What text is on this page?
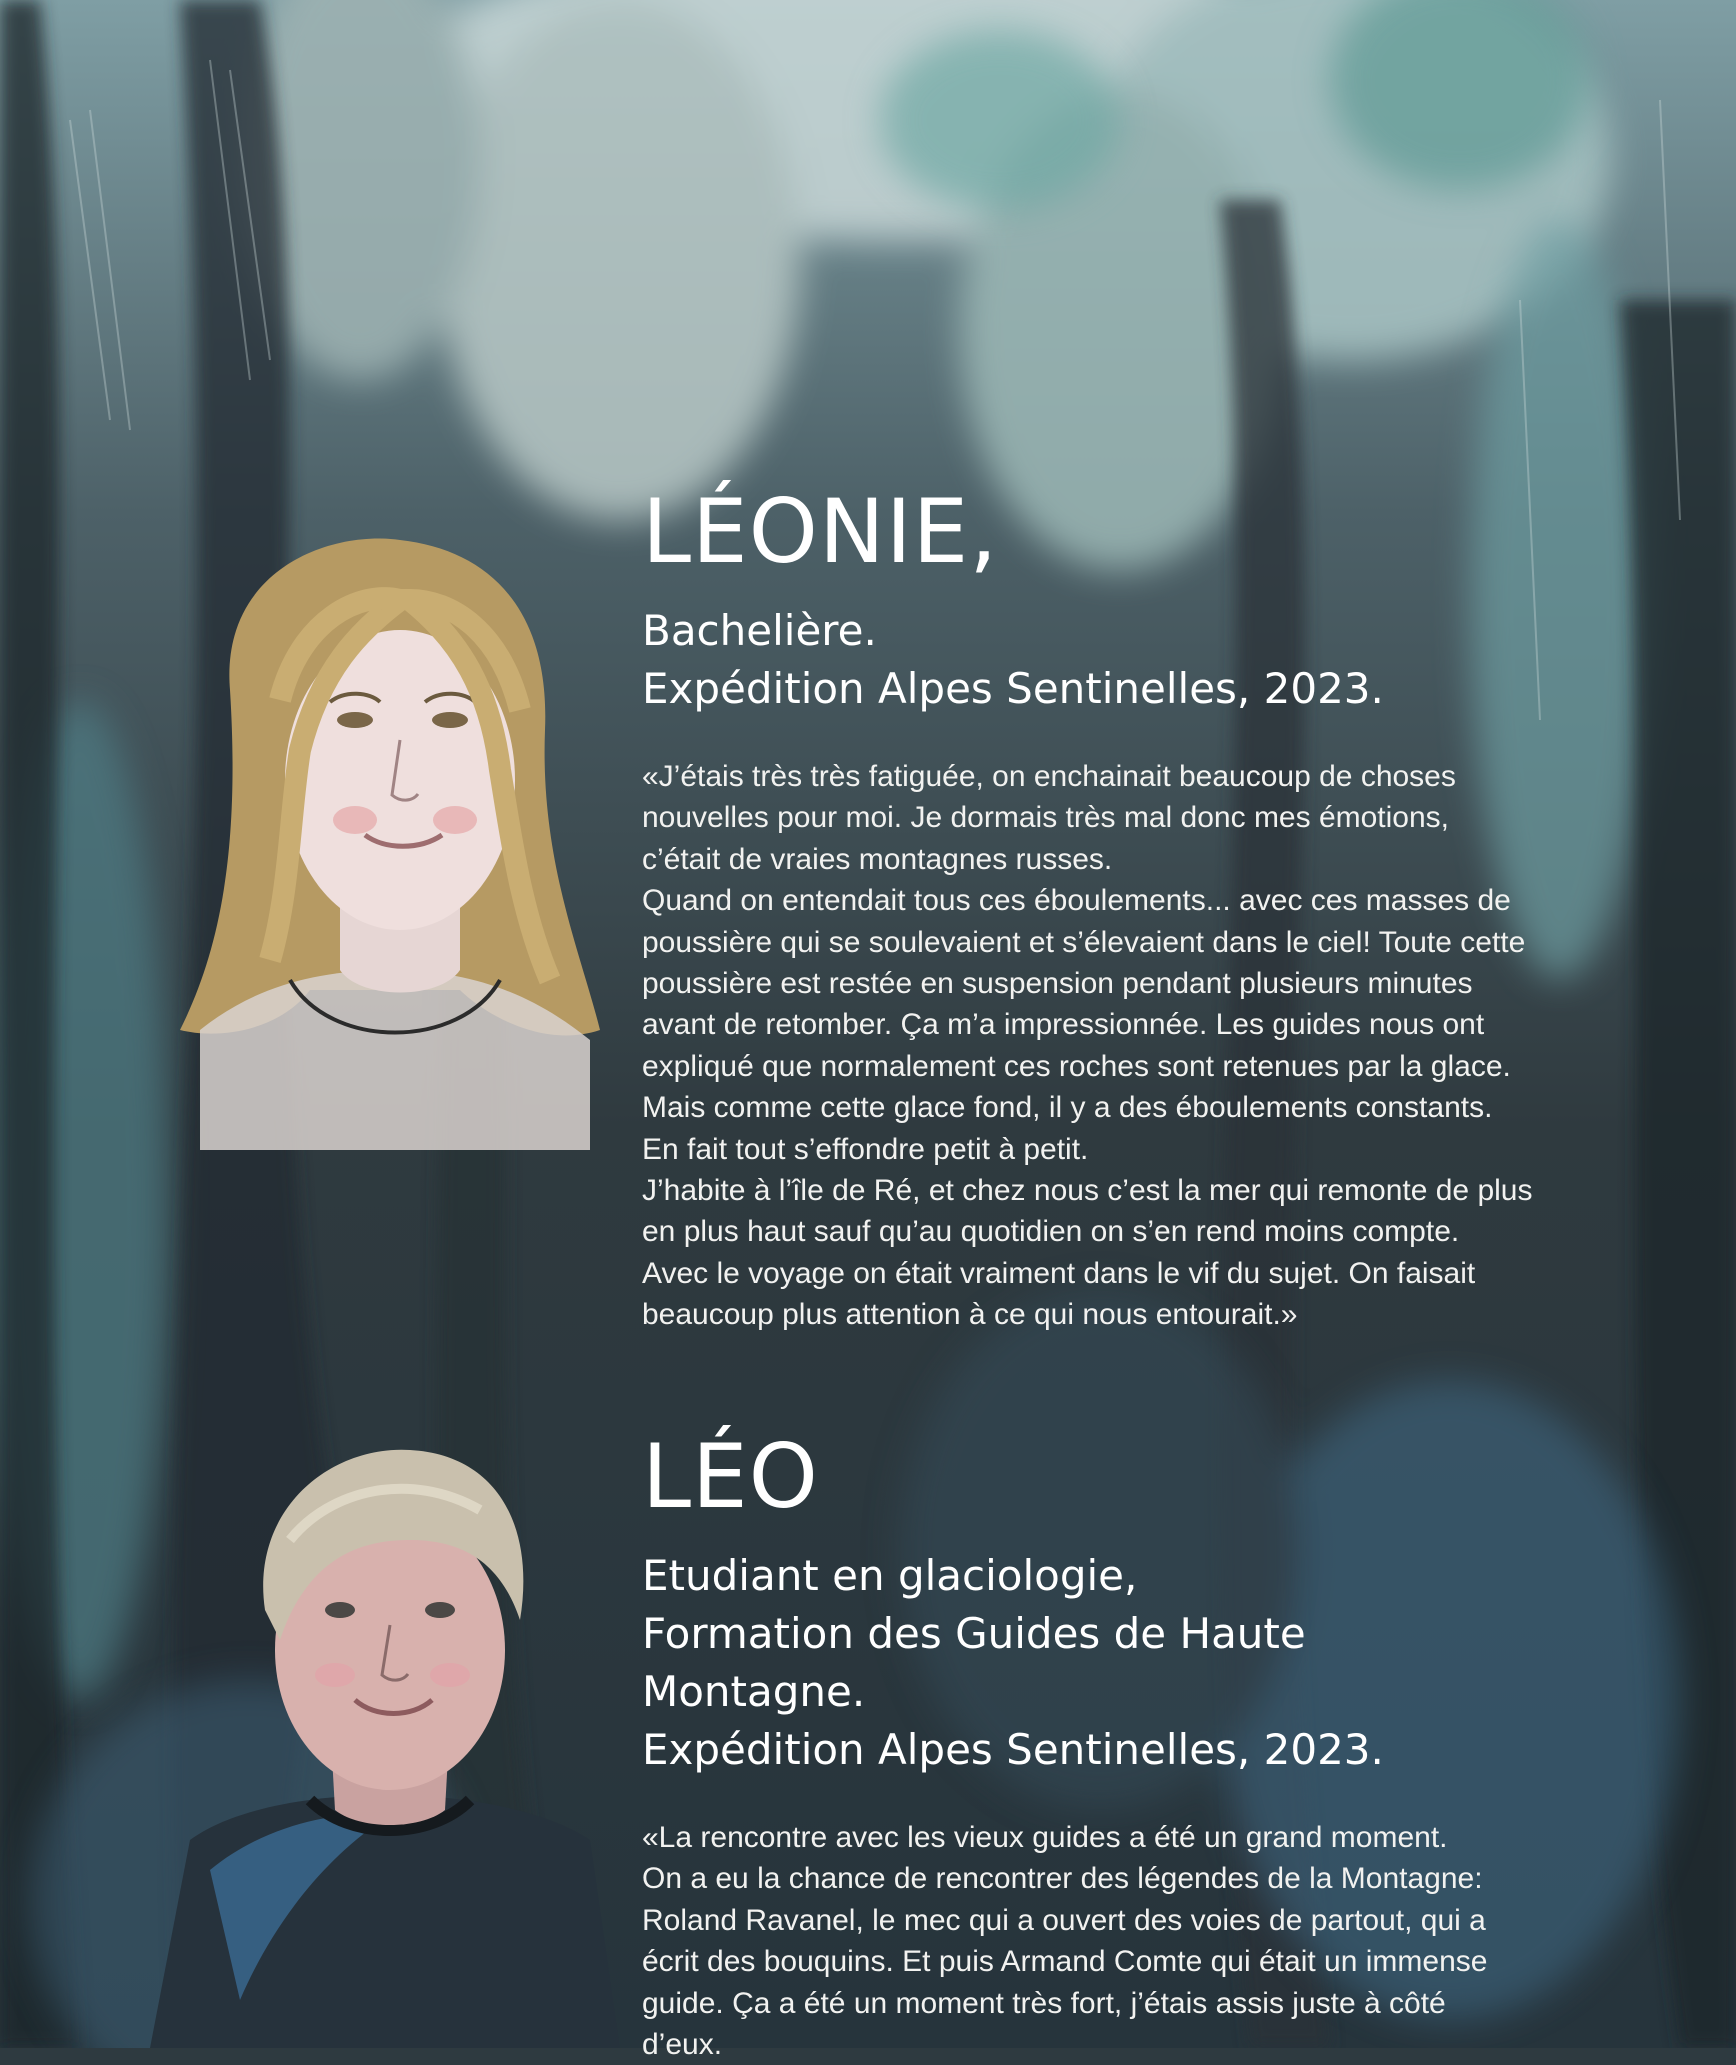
LÉONIE,
Bachelière.
Expédition Alpes Sentinelles, 2023.
«J’étais très très fatiguée, on enchainait beaucoup de choses
nouvelles pour moi. Je dormais très mal donc mes émotions,
c’était de vraies montagnes russes.
Quand on entendait tous ces éboulements... avec ces masses de
poussière qui se soulevaient et s’élevaient dans le ciel! Toute cette
poussière est restée en suspension pendant plusieurs minutes
avant de retomber. Ça m’a impressionnée. Les guides nous ont
expliqué que normalement ces roches sont retenues par la glace.
Mais comme cette glace fond, il y a des éboulements constants.
En fait tout s’effondre petit à petit.
J’habite à l’île de Ré, et chez nous c’est la mer qui remonte de plus
en plus haut sauf qu’au quotidien on s’en rend moins compte.
Avec le voyage on était vraiment dans le vif du sujet. On faisait
beaucoup plus attention à ce qui nous entourait.»
LÉO
Etudiant en glaciologie,
Formation des Guides de Haute
Montagne.
Expédition Alpes Sentinelles, 2023.
«La rencontre avec les vieux guides a été un grand moment.
On a eu la chance de rencontrer des légendes de la Montagne:
Roland Ravanel, le mec qui a ouvert des voies de partout, qui a
écrit des bouquins. Et puis Armand Comte qui était un immense
guide. Ça a été un moment très fort, j’étais assis juste à côté
d’eux.
